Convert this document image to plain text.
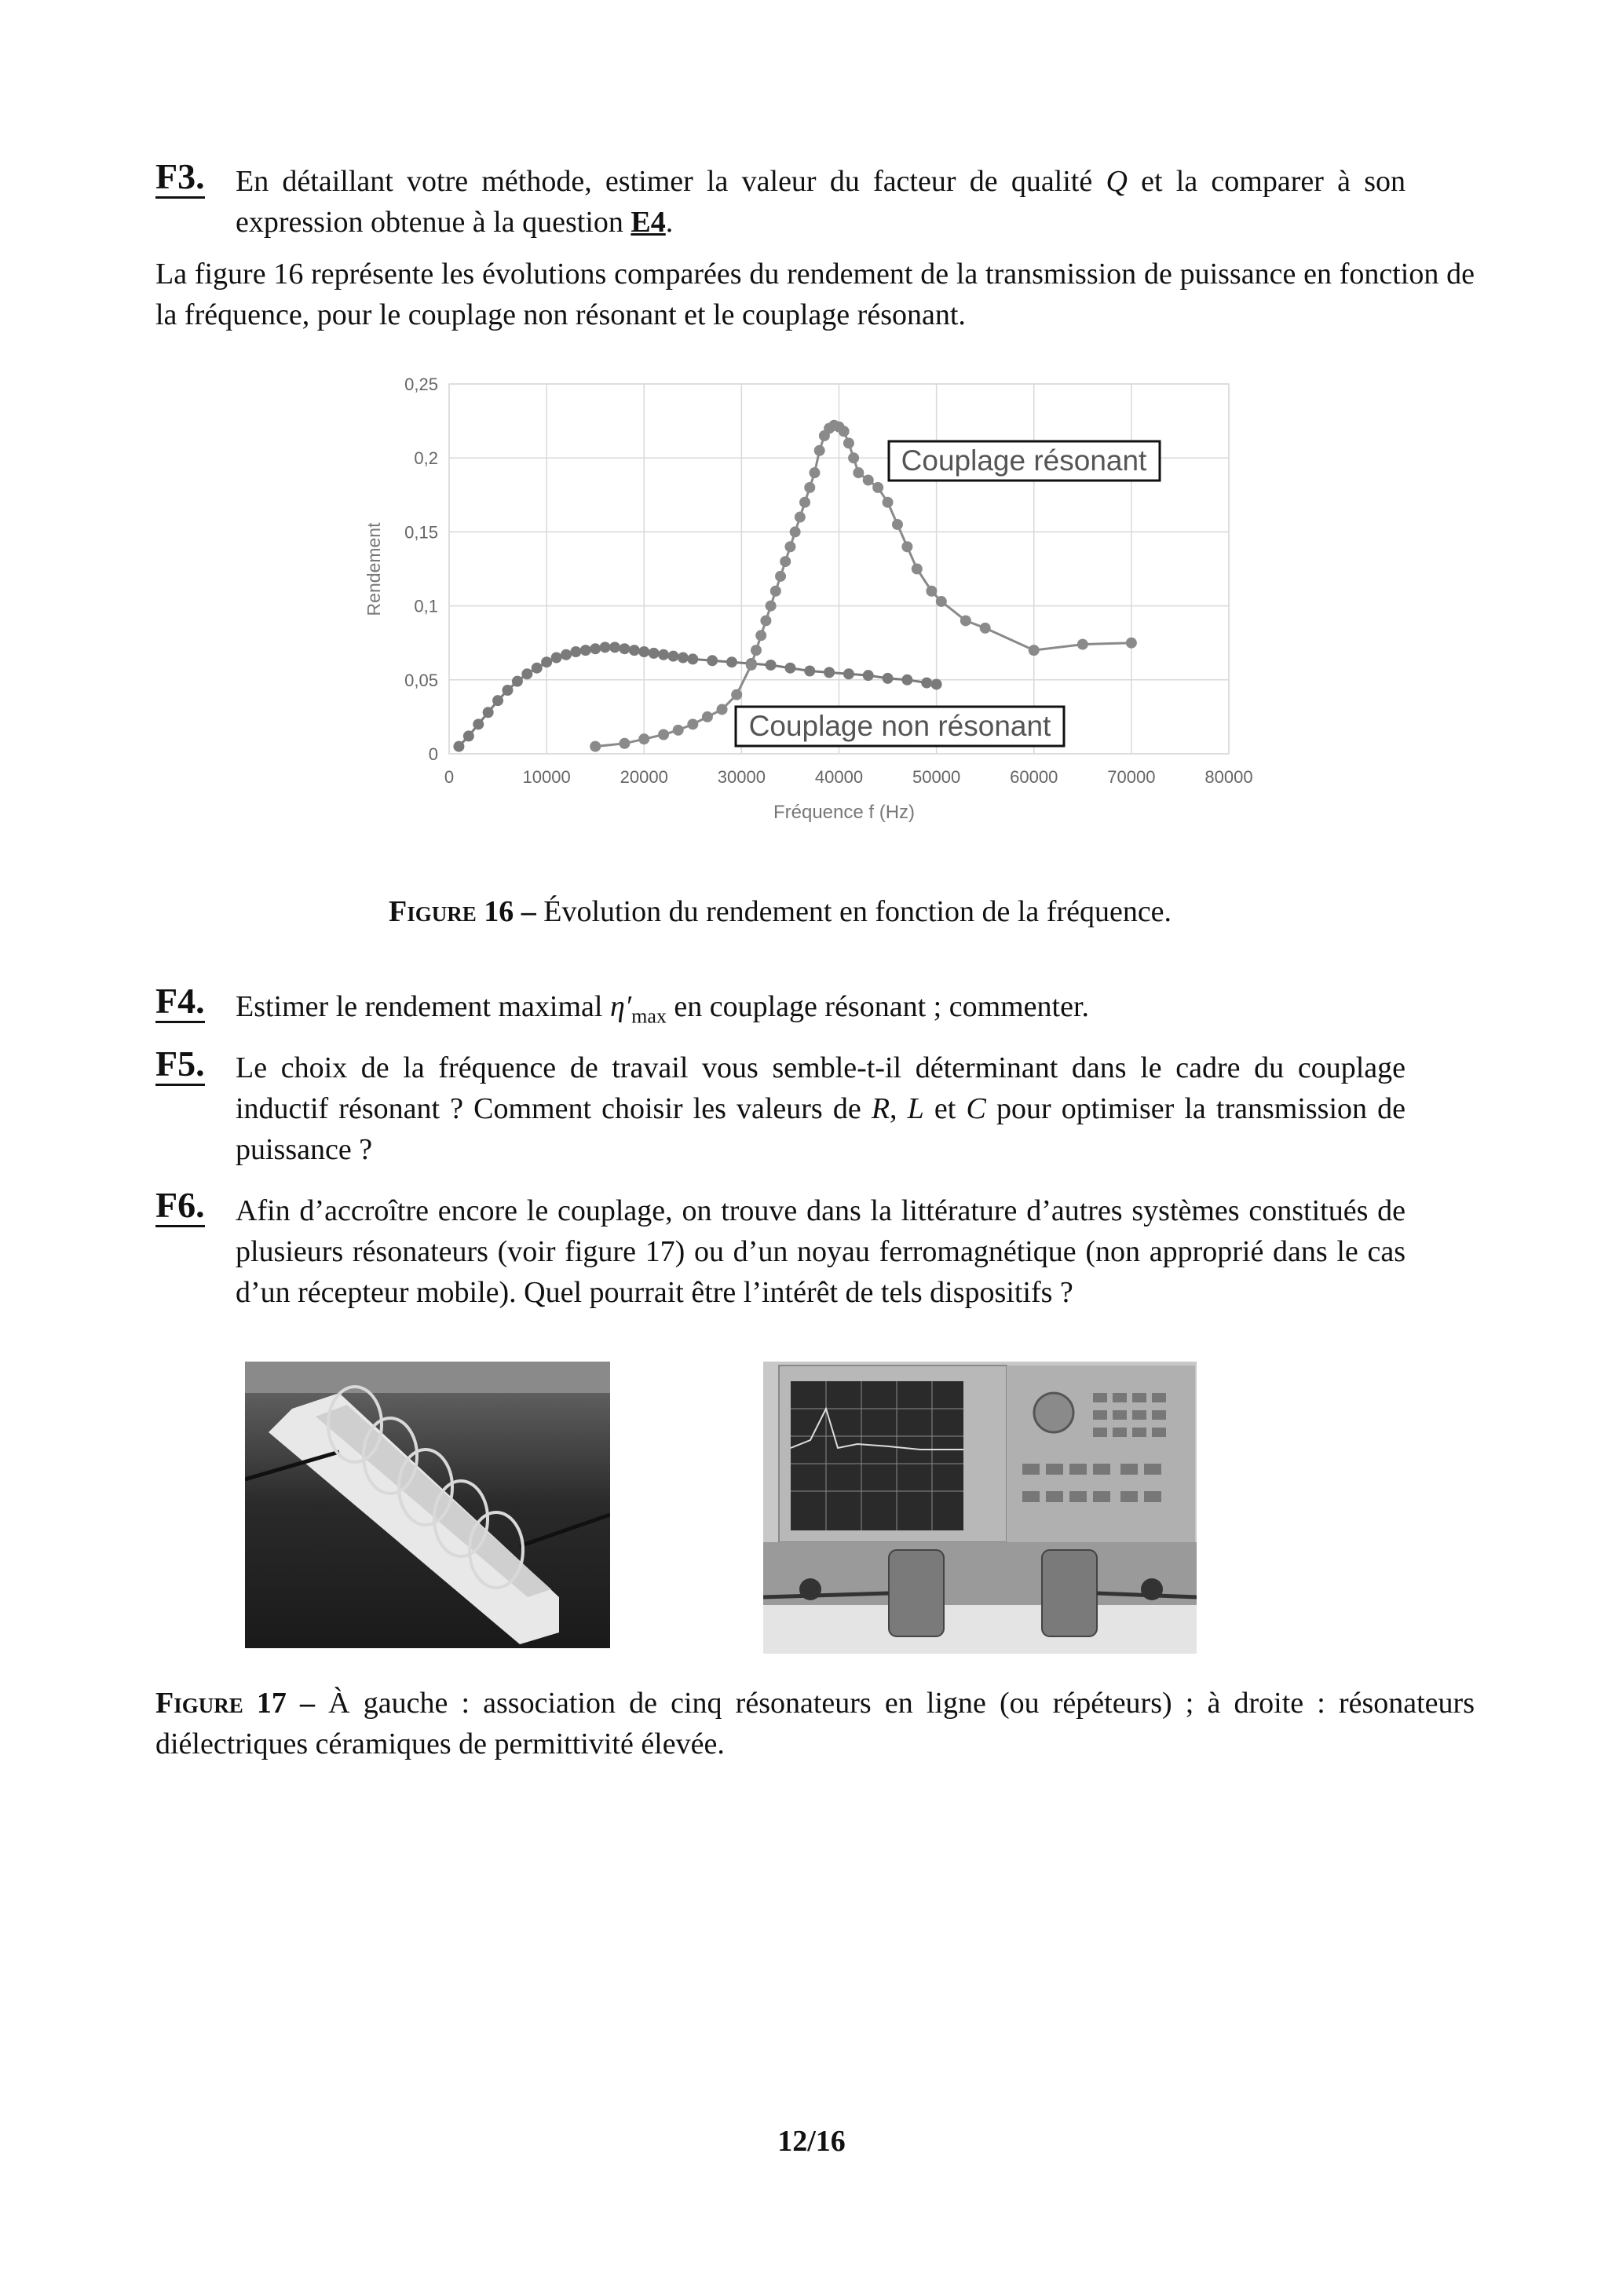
F3. En détaillant votre méthode, estimer la valeur du facteur de qualité Q et la comparer à son expression obtenue à la question E4.
La figure 16 représente les évolutions comparées du rendement de la transmission de puissance en fonction de la fréquence, pour le couplage non résonant et le couplage résonant.
0	10000	20000	30000	40000	50000	60000	70000	80000
0
0,05
0,1
0,15
0,2
0,25
Rendement
Fréquence f (Hz)
Couplage résonant
Couplage non résonant
Figure 16 – Évolution du rendement en fonction de la fréquence.
F4. Estimer le rendement maximal $\eta'_{max}$ en couplage résonant ; commenter.
F5. Le choix de la fréquence de travail vous semble-t-il déterminant dans le cadre du couplage inductif résonant ? Comment choisir les valeurs de R, L et C pour optimiser la transmission de puissance ?
F6. Afin d’accroître encore le couplage, on trouve dans la littérature d’autres systèmes constitués de plusieurs résonateurs (voir figure 17) ou d’un noyau ferromagnétique (non approprié dans le cas d’un récepteur mobile). Quel pourrait être l’intérêt de tels dispositifs ?
Figure 17 – À gauche : association de cinq résonateurs en ligne (ou répéteurs) ; à droite : résonateurs diélectriques céramiques de permittivité élevée.
12/16
